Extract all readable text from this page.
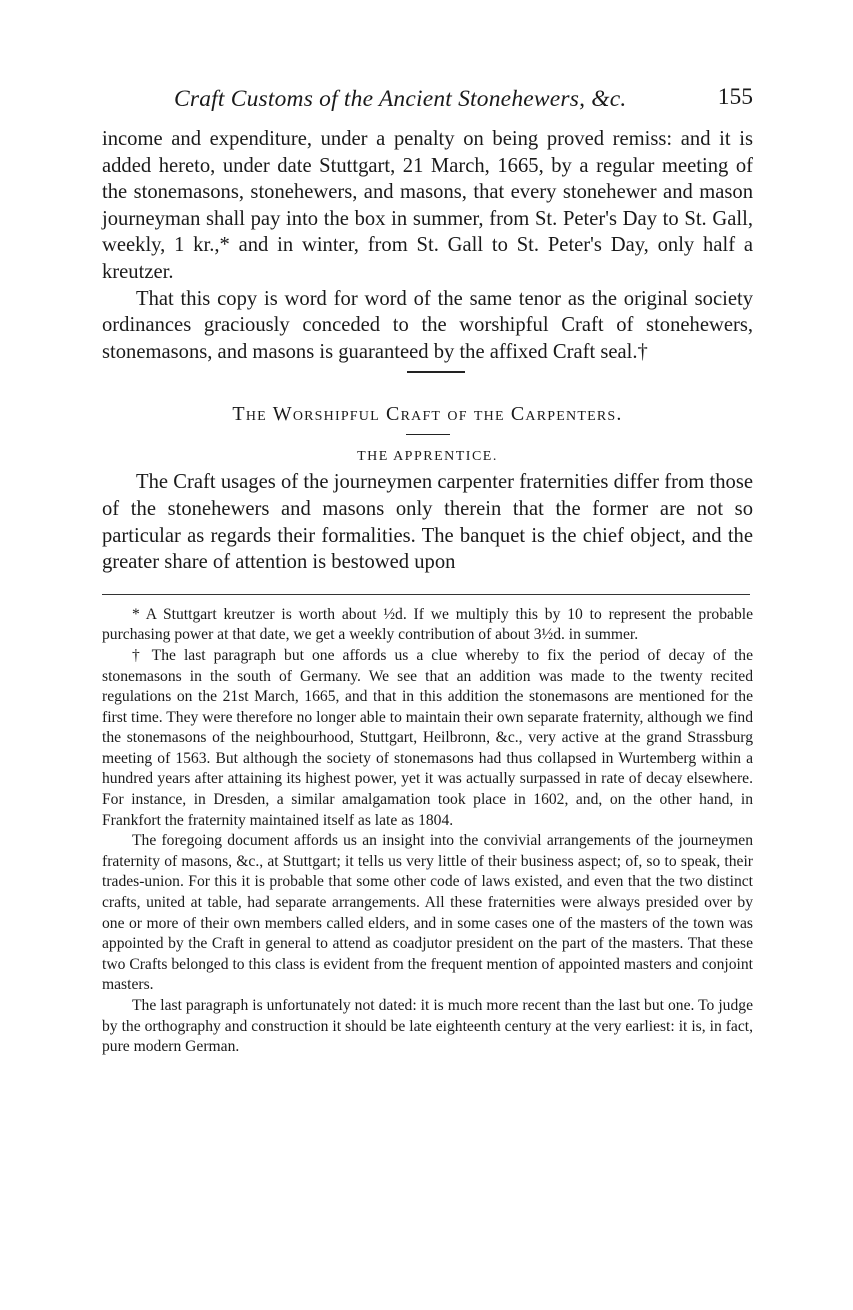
Craft Customs of the Ancient Stonehewers, &c.	155

income and expenditure, under a penalty on being proved remiss: and it is added hereto, under date Stuttgart, 21 March, 1665, by a regular meeting of the stonemasons, stonehewers, and masons, that every stonehewer and mason journeyman shall pay into the box in summer, from St. Peter's Day to St. Gall, weekly, 1 kr.,* and in winter, from St. Gall to St. Peter's Day, only half a kreutzer.

That this copy is word for word of the same tenor as the original society ordinances graciously conceded to the worshipful Craft of stonehewers, stonemasons, and masons is guaranteed by the affixed Craft seal.†

The Worshipful Craft of the Carpenters.
THE APPRENTICE.

The Craft usages of the journeymen carpenter fraternities differ from those of the stonehewers and masons only therein that the former are not so particular as regards their formalities. The banquet is the chief object, and the greater share of attention is bestowed upon

* A Stuttgart kreutzer is worth about ½d. If we multiply this by 10 to represent the probable purchasing power at that date, we get a weekly contribution of about 3½d. in summer.

† The last paragraph but one affords us a clue whereby to fix the period of decay of the stonemasons in the south of Germany. We see that an addition was made to the twenty recited regulations on the 21st March, 1665, and that in this addition the stonemasons are mentioned for the first time. They were therefore no longer able to maintain their own separate fraternity, although we find the stonemasons of the neighbourhood, Stuttgart, Heilbronn, &c., very active at the grand Strassburg meeting of 1563. But although the society of stonemasons had thus collapsed in Wurtemberg within a hundred years after attaining its highest power, yet it was actually surpassed in rate of decay elsewhere. For instance, in Dresden, a similar amalgamation took place in 1602, and, on the other hand, in Frankfort the fraternity maintained itself as late as 1804.

The foregoing document affords us an insight into the convivial arrangements of the journeymen fraternity of masons, &c., at Stuttgart; it tells us very little of their business aspect; of, so to speak, their trades-union. For this it is probable that some other code of laws existed, and even that the two distinct crafts, united at table, had separate arrangements. All these fraternities were always presided over by one or more of their own members called elders, and in some cases one of the masters of the town was appointed by the Craft in general to attend as coadjutor president on the part of the masters. That these two Crafts belonged to this class is evident from the frequent mention of appointed masters and conjoint masters.

The last paragraph is unfortunately not dated: it is much more recent than the last but one. To judge by the orthography and construction it should be late eighteenth century at the very earliest: it is, in fact, pure modern German.
